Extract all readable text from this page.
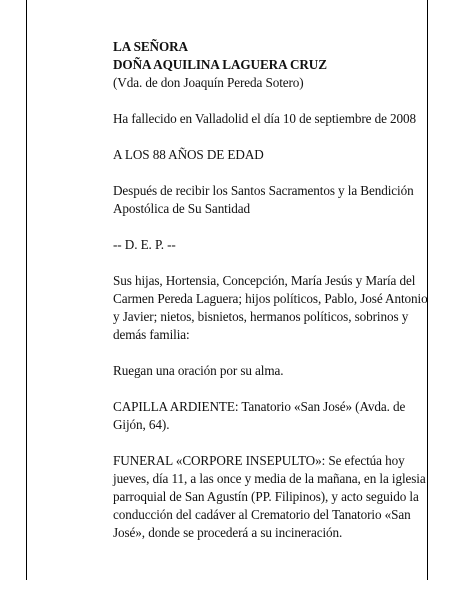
LA SEÑORA
DOÑA AQUILINA LAGUERA CRUZ
(Vda. de don Joaquín Pereda Sotero)

Ha fallecido en Valladolid el día 10 de septiembre de 2008

A LOS 88 AÑOS DE EDAD

Después de recibir los Santos Sacramentos y la Bendición Apostólica de Su Santidad

-- D. E. P. --

Sus hijas, Hortensia, Concepción, María Jesús y María del Carmen Pereda Laguera; hijos políticos, Pablo, José Antonio y Javier; nietos, bisnietos, hermanos políticos, sobrinos y demás familia:

Ruegan una oración por su alma.

CAPILLA ARDIENTE: Tanatorio «San José» (Avda. de Gijón, 64).

FUNERAL «CORPORE INSEPULTO»: Se efectúa hoy jueves, día 11, a las once y media de la mañana, en la iglesia parroquial de San Agustín (PP. Filipinos), y acto seguido la conducción del cadáver al Crematorio del Tanatorio «San José», donde se procederá a su incineración.
